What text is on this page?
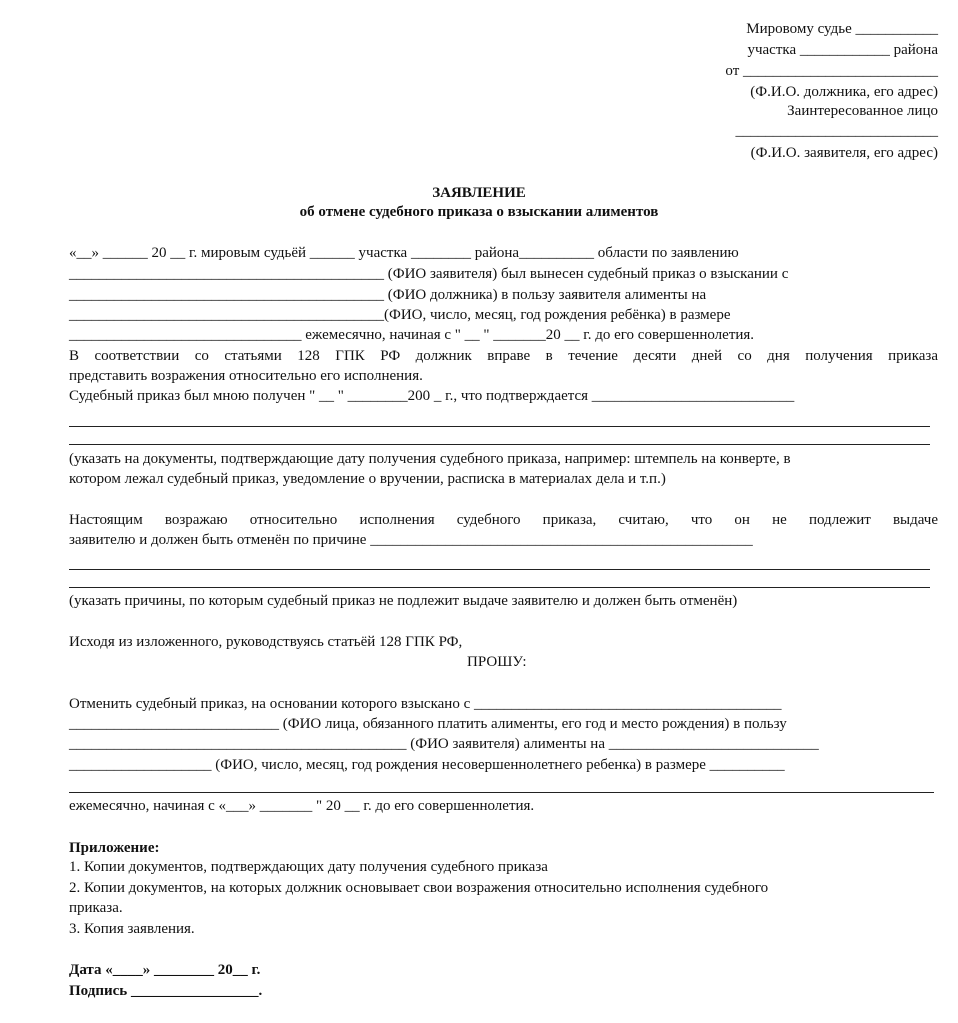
Мировому судье ___________
участка ____________ района
от __________________________
(Ф.И.О. должника, его адрес)
Заинтересованное лицо
___________________________
(Ф.И.О. заявителя, его адрес)
ЗАЯВЛЕНИЕ
об отмене судебного приказа о взыскании алиментов
«__» ______ 20 __ г. мировым судьёй ______ участка ________ района__________ области по заявлению
__________________________________________ (ФИО заявителя) был вынесен судебный приказ о взыскании с
__________________________________________ (ФИО должника) в пользу заявителя алименты на
__________________________________________(ФИО, число, месяц, год рождения ребёнка) в размере
_______________________________ ежемесячно, начиная с " __ " _______20 __ г. до его совершеннолетия.
В соответствии со статьями 128 ГПК РФ должник вправе в течение десяти дней со дня получения приказа
представить возражения относительно его исполнения.
Судебный приказ был мною получен " __ " ________200 _ г., что подтверждается ___________________________
(указать на документы, подтверждающие дату получения судебного приказа, например: штемпель на конверте, в
котором лежал судебный приказ, уведомление о вручении, расписка в материалах дела и т.п.)
Настоящим возражаю относительно исполнения судебного приказа, считаю, что он не подлежит выдаче
заявителю и должен быть отменён по причине ___________________________________________________
(указать причины, по которым судебный приказ не подлежит выдаче заявителю и должен быть отменён)
Исходя из изложенного, руководствуясь статьёй 128 ГПК РФ,
ПРОШУ:
Отменить судебный приказ, на основании которого взыскано с _________________________________________
____________________________ (ФИО лица, обязанного платить алименты, его год и место рождения) в пользу
_____________________________________________ (ФИО заявителя) алименты на ____________________________
___________________ (ФИО, число, месяц, год рождения несовершеннолетнего ребенка) в размере __________
ежемесячно, начиная с «___» _______ " 20 __ г. до его совершеннолетия.
Приложение:
1. Копии документов, подтверждающих дату получения судебного приказа
2. Копии документов, на которых должник основывает свои возражения относительно исполнения судебного
приказа.
3. Копия заявления.
Дата «____» ________ 20__ г.
Подпись _________________.
